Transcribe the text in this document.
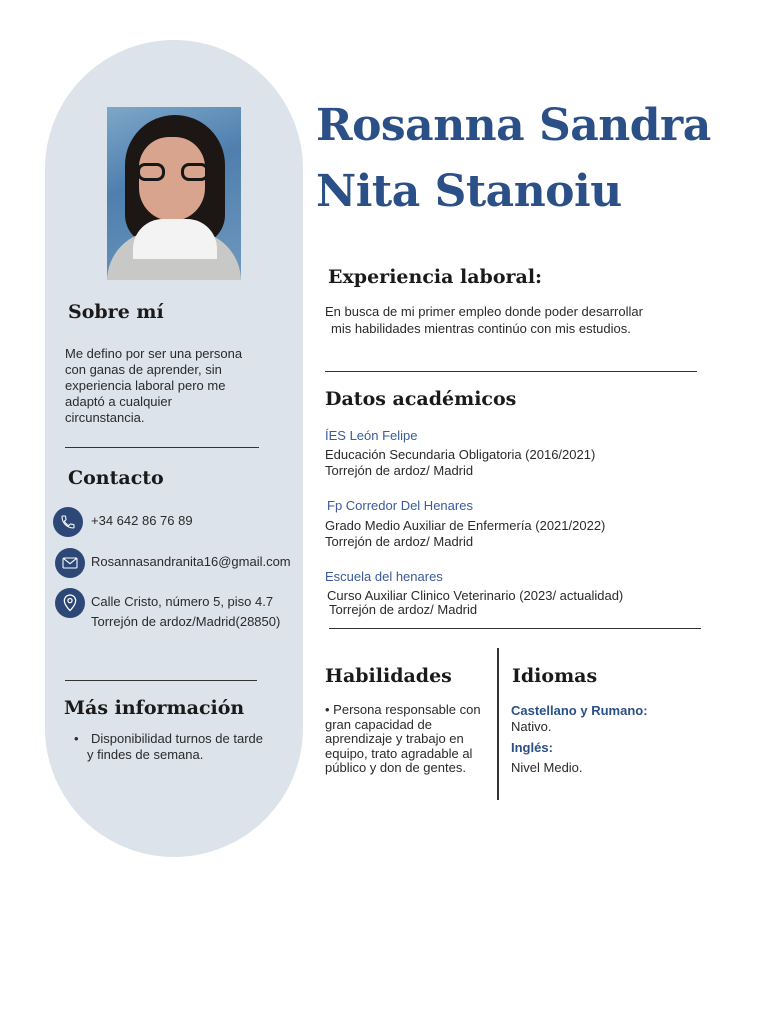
Rosanna Sandra
Nita Stanoiu
Sobre mí
Me defino por ser una persona
con ganas de aprender, sin
experiencia laboral pero me
adaptó a cualquier
circunstancia.
Contacto
+34 642 86 76 89
Rosannasandranita16@gmail.com
Calle Cristo, número 5, piso 4.7
Torrejón de ardoz/Madrid(28850)
Más información
• Disponibilidad turnos de tarde
y findes de semana.
Experiencia laboral:
En busca de mi primer empleo donde poder desarrollar
mis habilidades mientras continúo con mis estudios.
Datos académicos
ÍES León Felipe
Educación Secundaria Obligatoria (2016/2021)
Torrejón de ardoz/ Madrid
Fp Corredor Del Henares
Grado Medio Auxiliar de Enfermería (2021/2022)
Torrejón de ardoz/ Madrid
Escuela del henares
Curso Auxiliar Clinico Veterinario (2023/ actualidad)
Torrejón de ardoz/ Madrid
Habilidades
• Persona responsable con
gran capacidad de
aprendizaje y trabajo en
equipo, trato agradable al
público y don de gentes.
Idiomas
Castellano y Rumano:
Nativo.
Inglés:
Nivel Medio.
